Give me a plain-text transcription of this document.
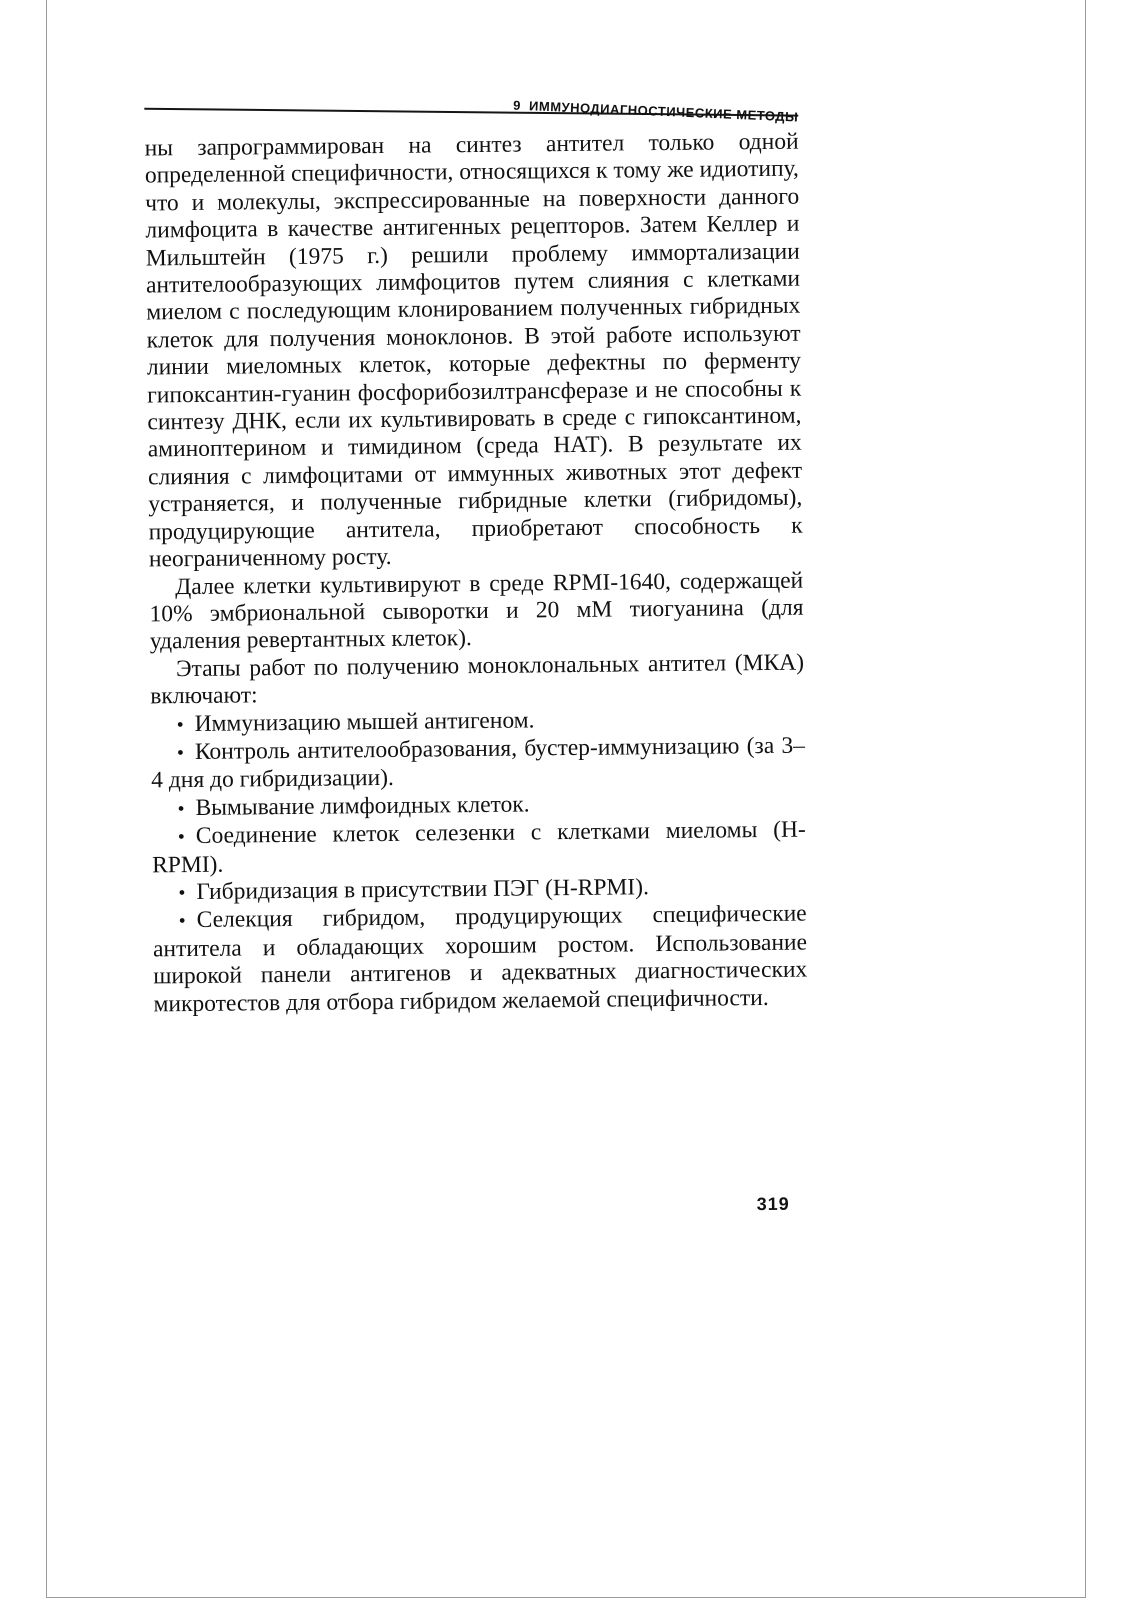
9  ИММУНОДИАГНОСТИЧЕСКИЕ МЕТОДЫ

ны запрограммирован на синтез антител только одной определенной специфичности, относящихся к тому же идиотипу, что и молекулы, экспрессированные на поверхности данного лимфоцита в качестве антигенных рецепторов. Затем Келлер и Мильштейн (1975 г.) решили проблему иммортализации антителообразующих лимфоцитов путем слияния с клетками миелом с последующим клонированием полученных гибридных клеток для получения моноклонов. В этой работе используют линии миеломных клеток, которые дефектны по ферменту гипоксантин-гуанин фосфорибозилтрансферазе и не способны к синтезу ДНК, если их культивировать в среде с гипоксантином, аминоптерином и тимидином (среда НАТ). В результате их слияния с лимфоцитами от иммунных животных этот дефект устраняется, и полученные гибридные клетки (гибридомы), продуцирующие антитела, приобретают способность к неограниченному росту.

Далее клетки культивируют в среде RPMI-1640, содержащей 10% эмбриональной сыворотки и 20 мМ тиогуанина (для удаления ревертантных клеток).

Этапы работ по получению моноклональных антител (МКА) включают:

• Иммунизацию мышей антигеном.
• Контроль антителообразования, бустер-иммунизацию (за 3–4 дня до гибридизации).
• Вымывание лимфоидных клеток.
• Соединение клеток селезенки с клетками миеломы (Н-RPMI).
• Гибридизация в присутствии ПЭГ (Н-RPMI).
• Селекция гибридом, продуцирующих специфические антитела и обладающих хорошим ростом. Использование широкой панели антигенов и адекватных диагностических микротестов для отбора гибридом желаемой специфичности.
319
